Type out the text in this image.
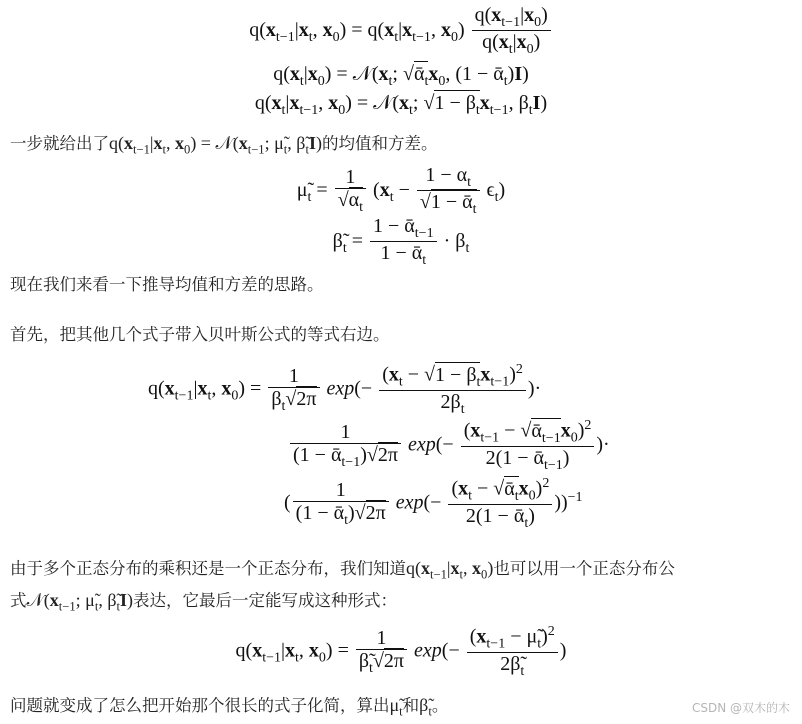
$q(x_{t-1}|x_t$, $x_0) = q(x_t|x_{t-1}$, $x_0) \frac{q(x_{t-1}|x_0)}{q(x_t|x_0)}$
$q(x_t|x_0)$ = $𝒩(x_t$; $√ᾱ_tx_0$, (1 − ᾱ$_t$)I)
$q(x_t|x_{t-1}$, $x_0$) = $𝒩(x_t$; $√1 - \beta_tx_{t-1}$, $\beta_tI$)
一步就给出了$q(x_{t-1}|x_t$, $x_0$) = $𝒩(x_{t-1}$; $\mũ_t$, $\betã_tI$)的均值和方差。
$\mũ_t = \frac{1}{√\alpha_t} (x_t - \frac{1 - \alpha_t}{√1 - ᾱ_t} \epsilon_t)$
$\betã_t = \frac{1 - ᾱ_{t-1}}{1 - ᾱ_t} \cdot \beta_t$
现在我们来看一下推导均值和方差的思路。
首先，把其他几个式子带入贝叶斯公式的等式右边。
$q(x_{t-1}|x_t$, $x_0) = \frac{1}{\beta_t√2\pi} \exp(- \frac{(x_t - √1 - \beta_tx_{t-1})^2}{2\beta_t}$ )·
$\frac{1}{(1 - ᾱ_{t-1})√2\pi} \exp(- \frac{(x_{t-1} - √ᾱ_{t-1}x_0)^2}{2(1 - ᾱ_{t-1})}$ )·
( $\frac{1}{(1 - ᾱ_t)√2\pi} \exp(- \frac{(x_t - √ᾱ_tx_0)^2}{2(1 - ᾱ_t)} ))^{-1}$
由于多个正态分布的乘积还是一个正态分布，我们知道$q(x_{t-1}|x_t$, $x_0$)也可以用一个正态分布公
式$𝒩(x_{t-1}$; $\mũ_t$, $\betã_tI$)表达，它最后一定能写成这种形式：
$q(x_{t-1}|x_t$, $x_0) = \frac{1}{\betã_t√2\pi} \exp(- \frac{(x_{t-1} - \mũ_t)^2}{2\betã_t}$ )
问题就变成了怎么把开始那个很长的式子化简，算出$\mũ_t$和$\betã_t$。	CSDN @双木的木
